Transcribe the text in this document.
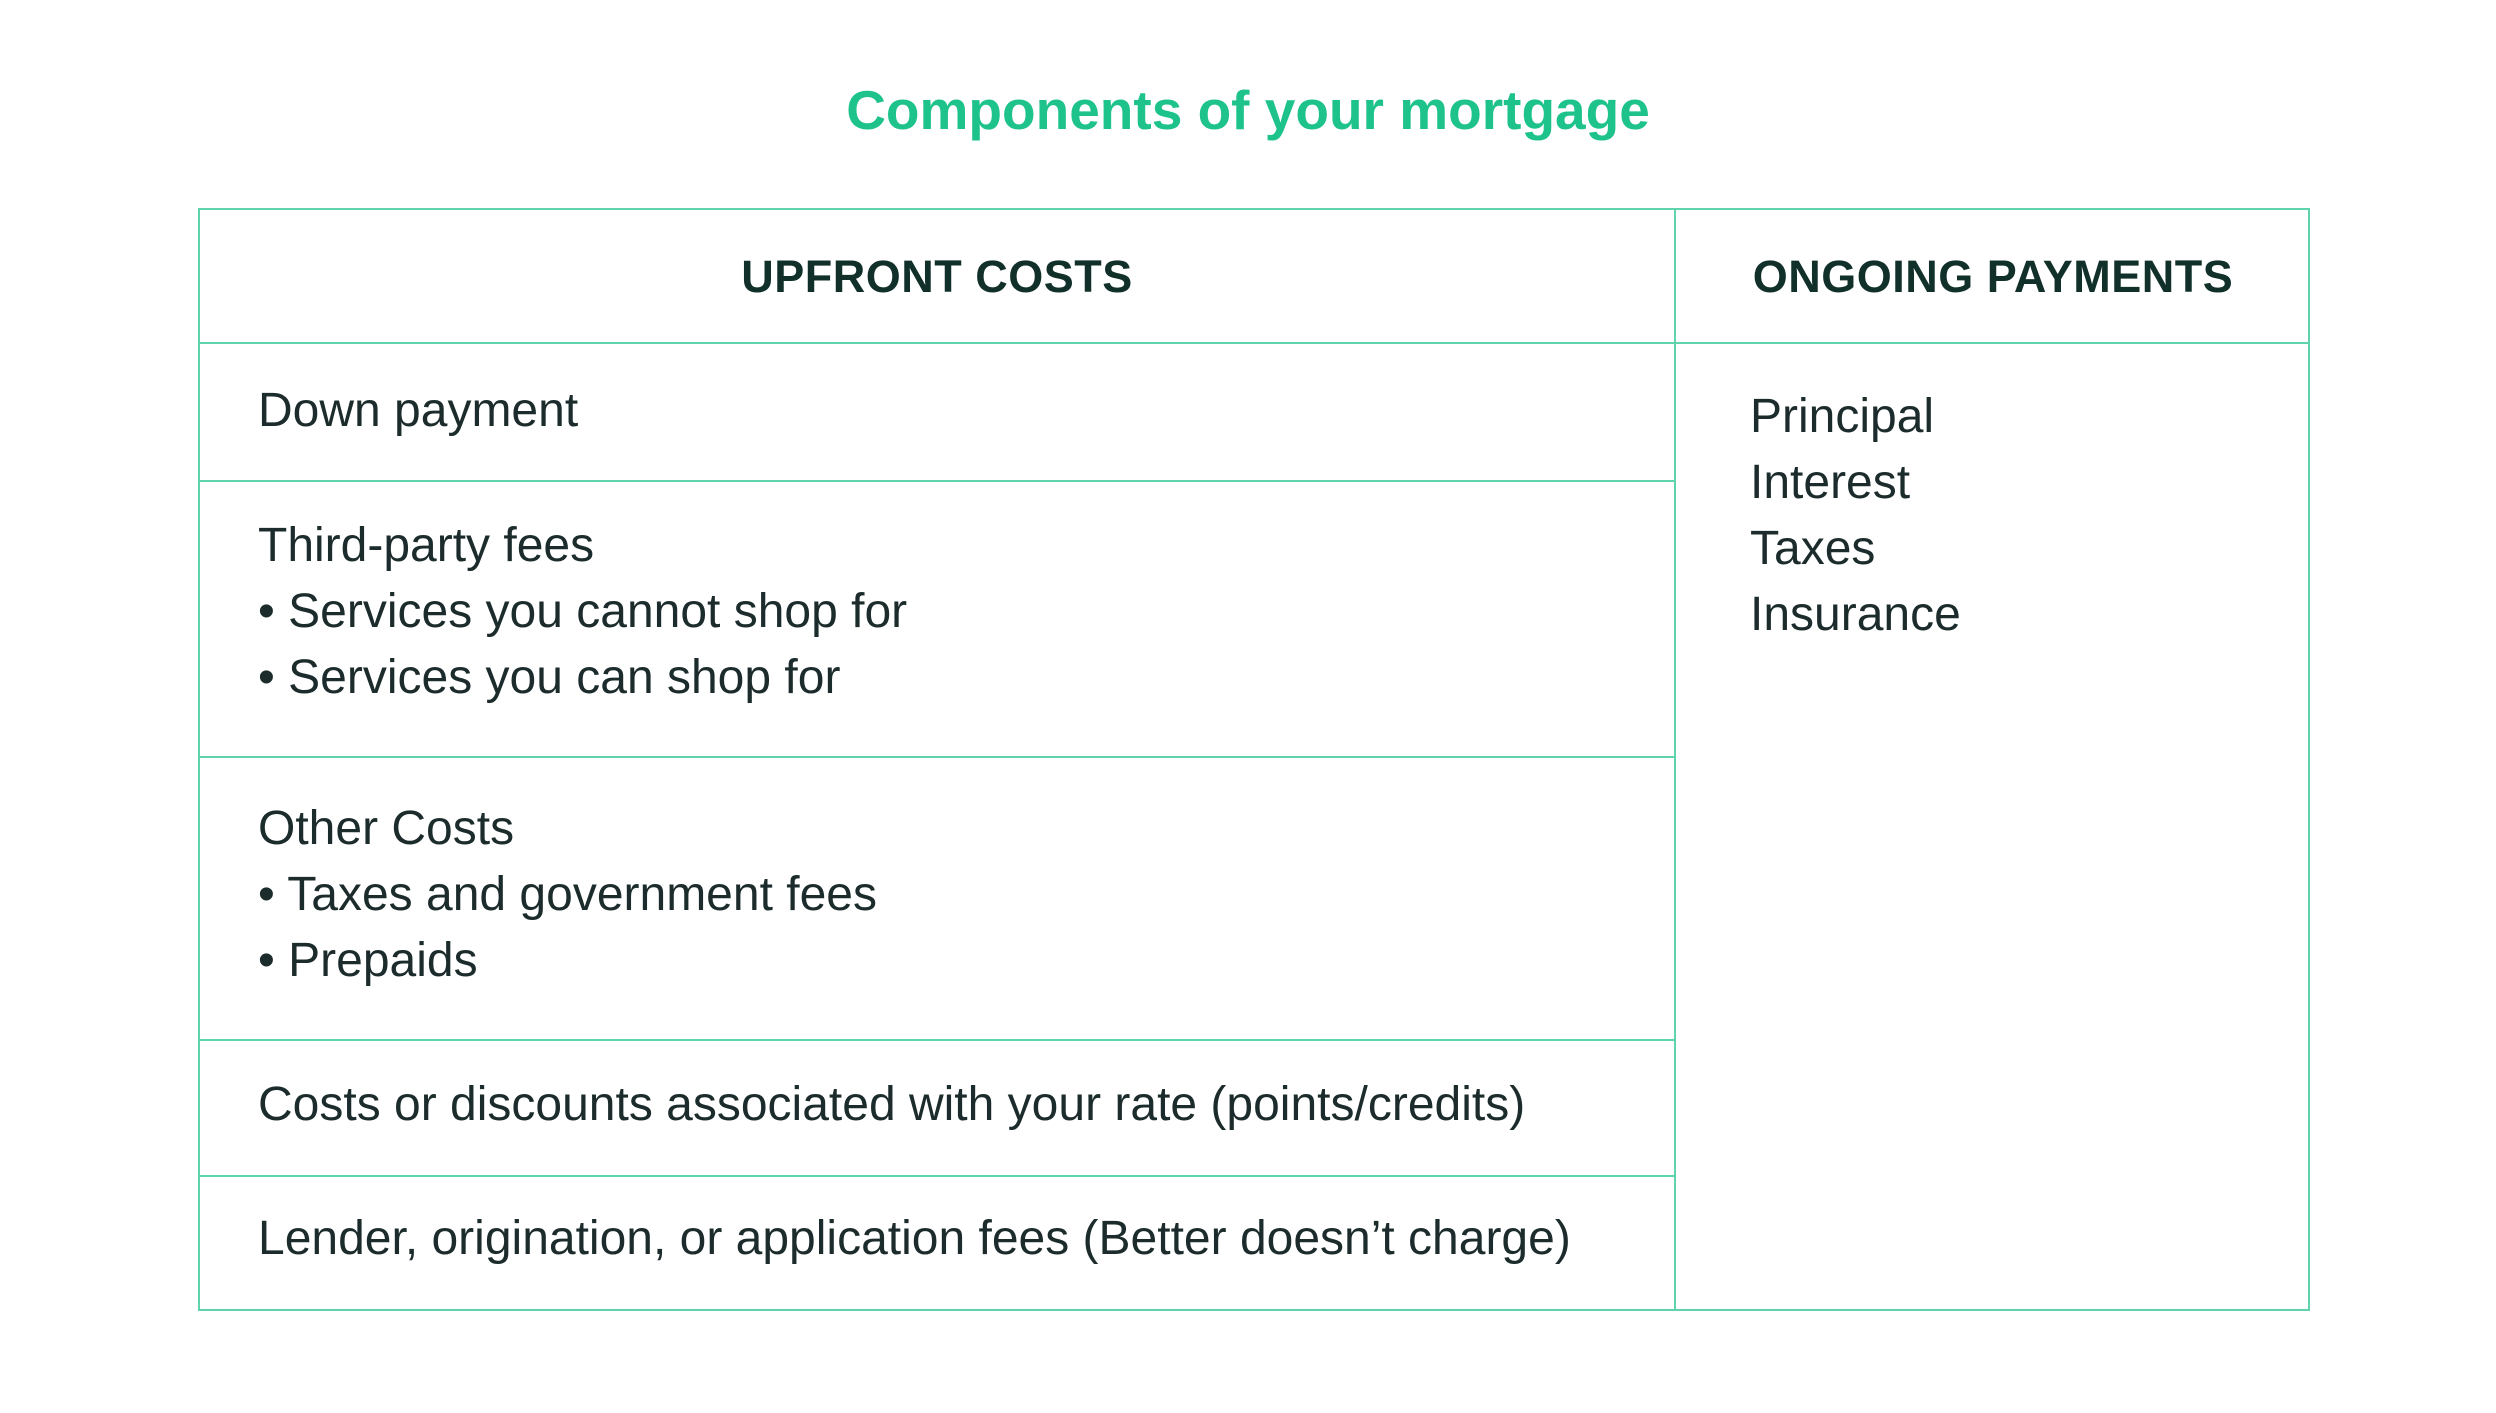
Components of your mortgage
UPFRONT COSTS	ONGOING PAYMENTS
Down payment
Third-party fees
• Services you cannot shop for
• Services you can shop for
Other Costs
• Taxes and government fees
• Prepaids
Costs or discounts associated with your rate (points/credits)
Lender, origination, or application fees (Better doesn’t charge)
Principal
Interest
Taxes
Insurance
